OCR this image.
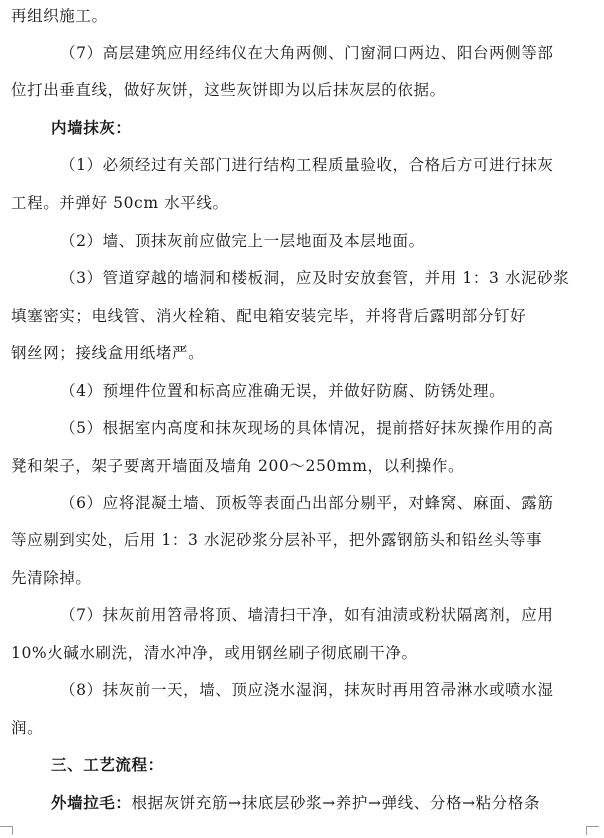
再组织施工。
（7）高层建筑应用经纬仪在大角两侧、门窗洞口两边、阳台两侧等部
位打出垂直线，做好灰饼，这些灰饼即为以后抹灰层的依据。
内墙抹灰：
（1）必须经过有关部门进行结构工程质量验收，合格后方可进行抹灰
工程。并弹好 50cm 水平线。
（2）墙、顶抹灰前应做完上一层地面及本层地面。
（3）管道穿越的墙洞和楼板洞，应及时安放套管，并用 1：3 水泥砂浆
填塞密实；电线管、消火栓箱、配电箱安装完毕，并将背后露明部分钉好
钢丝网；接线盒用纸堵严。
（4）预埋件位置和标高应准确无误，并做好防腐、防锈处理。
（5）根据室内高度和抹灰现场的具体情况，提前搭好抹灰操作用的高
凳和架子，架子要离开墙面及墙角 200～250mm，以利操作。
（6）应将混凝土墙、顶板等表面凸出部分剔平，对蜂窝、麻面、露筋
等应剔到实处，后用 1：3 水泥砂浆分层补平，把外露钢筋头和铅丝头等事
先清除掉。
（7）抹灰前用笤帚将顶、墙清扫干净，如有油渍或粉状隔离剂，应用
10%火碱水刷洗，清水冲净，或用钢丝刷子彻底刷干净。
（8）抹灰前一天，墙、顶应浇水湿润，抹灰时再用笤帚淋水或喷水湿
润。
三、工艺流程：
外墙拉毛：根据灰饼充筋→抹底层砂浆→养护→弹线、分格→粘分格条
